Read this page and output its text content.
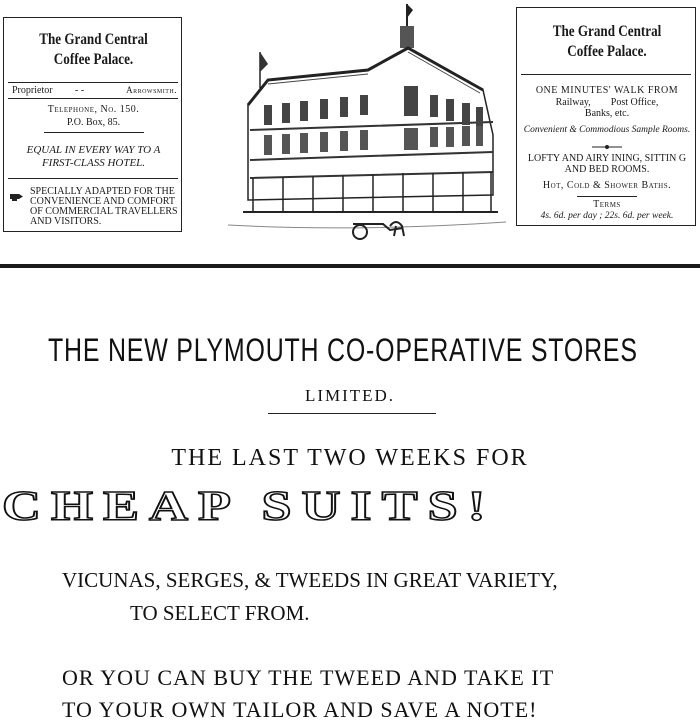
The Grand Central Coffee Palace.
Proprietor - -	Arrowsmith.
Telephone, No. 150.
P.O. Box, 85.
EQUAL IN EVERY WAY TO A
FIRST-CLASS HOTEL.
SPECIALLY ADAPTED FOR THE
CONVENIENCE AND COMFORT
OF COMMERCIAL TRAVELLERS
AND VISITORS.
The Grand Central Coffee Palace.
ONE MINUTES' WALK FROM
Railway,        Post Office,
Banks, etc.
Convenient & Commodious Sample Rooms.
LOFTY AND AIRY INING, SITTIN G
AND BED ROOMS.
Hot, Cold & Shower Baths.
Terms
4s. 6d. per day ; 22s. 6d. per week.
THE NEW PLYMOUTH CO-OPERATIVE STORES
LIMITED.
THE LAST TWO WEEKS FOR
CHEAP SUITS!
VICUNAS, SERGES, & TWEEDS IN GREAT VARIETY,
TO SELECT FROM.
OR YOU CAN BUY THE TWEED AND TAKE IT
TO YOUR OWN TAILOR AND SAVE A NOTE!
